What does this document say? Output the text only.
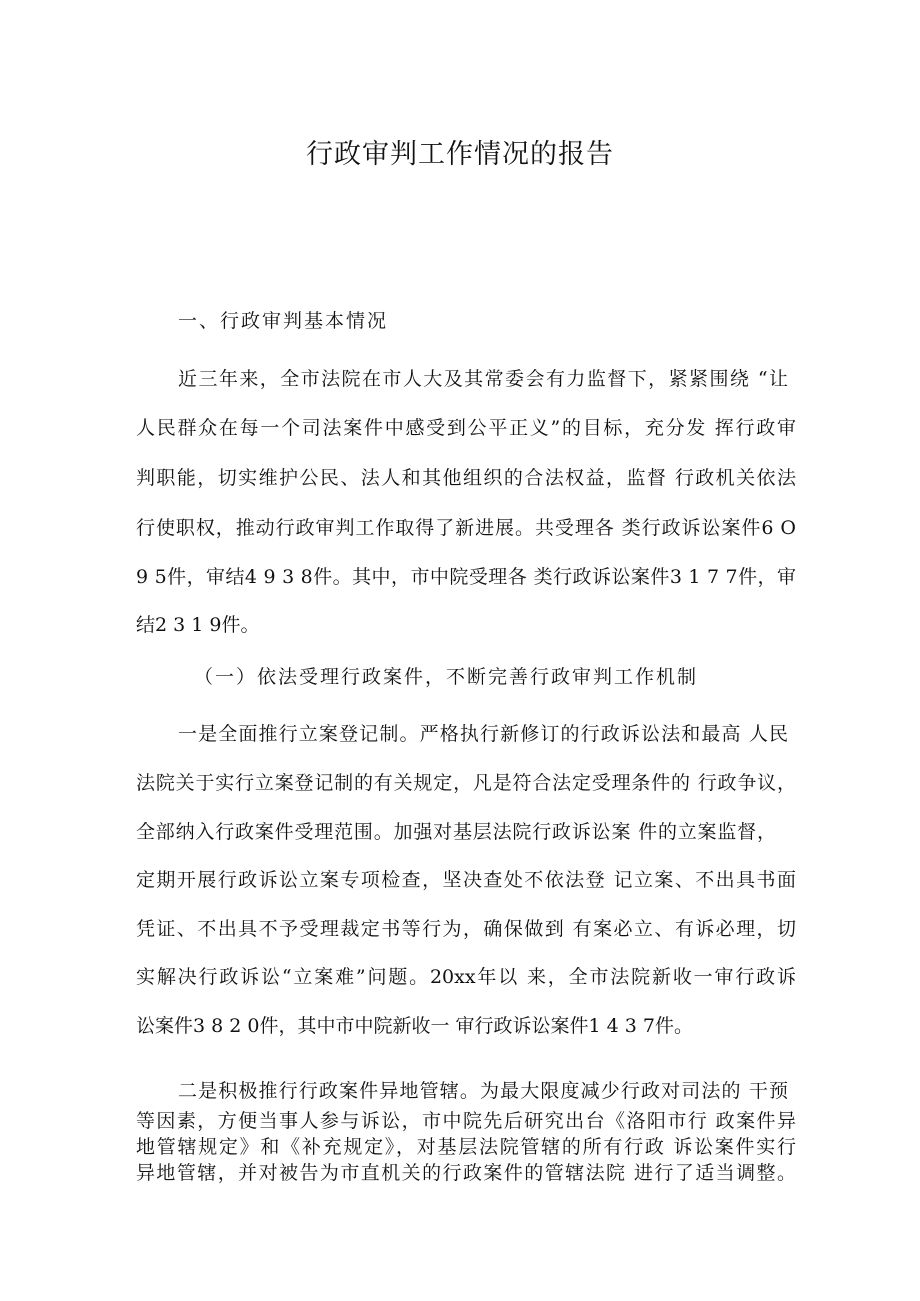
行政审判工作情况的报告
一、行政审判基本情况
近三年来，全市法院在市人大及其常委会有力监督下，紧紧围绕 “让
人民群众在每一个司法案件中感受到公平正义”的目标，充分发 挥行政审
判职能，切实维护公民、法人和其他组织的合法权益，监督 行政机关依法
行使职权，推动行政审判工作取得了新进展。共受理各 类行政诉讼案件6 O
9 5件，审结4 9 3 8件。其中，市中院受理各 类行政诉讼案件3 1 7 7件，审
结2 3 1 9件。
（一）依法受理行政案件，不断完善行政审判工作机制
一是全面推行立案登记制。严格执行新修订的行政诉讼法和最高 人民
法院关于实行立案登记制的有关规定，凡是符合法定受理条件的 行政争议，
全部纳入行政案件受理范围。加强对基层法院行政诉讼案 件的立案监督，
定期开展行政诉讼立案专项检查，坚决查处不依法登 记立案、不出具书面
凭证、不出具不予受理裁定书等行为，确保做到 有案必立、有诉必理，切
实解决行政诉讼“立案难”问题。20xx年以 来，全市法院新收一审行政诉
讼案件3 8 2 0件，其中市中院新收一 审行政诉讼案件1 4 3 7件。
二是积极推行行政案件异地管辖。为最大限度减少行政对司法的 干预
等因素，方便当事人参与诉讼，市中院先后研究出台《洛阳市行 政案件异
地管辖规定》和《补充规定》，对基层法院管辖的所有行政 诉讼案件实行
异地管辖，并对被告为市直机关的行政案件的管辖法院 进行了适当调整。
